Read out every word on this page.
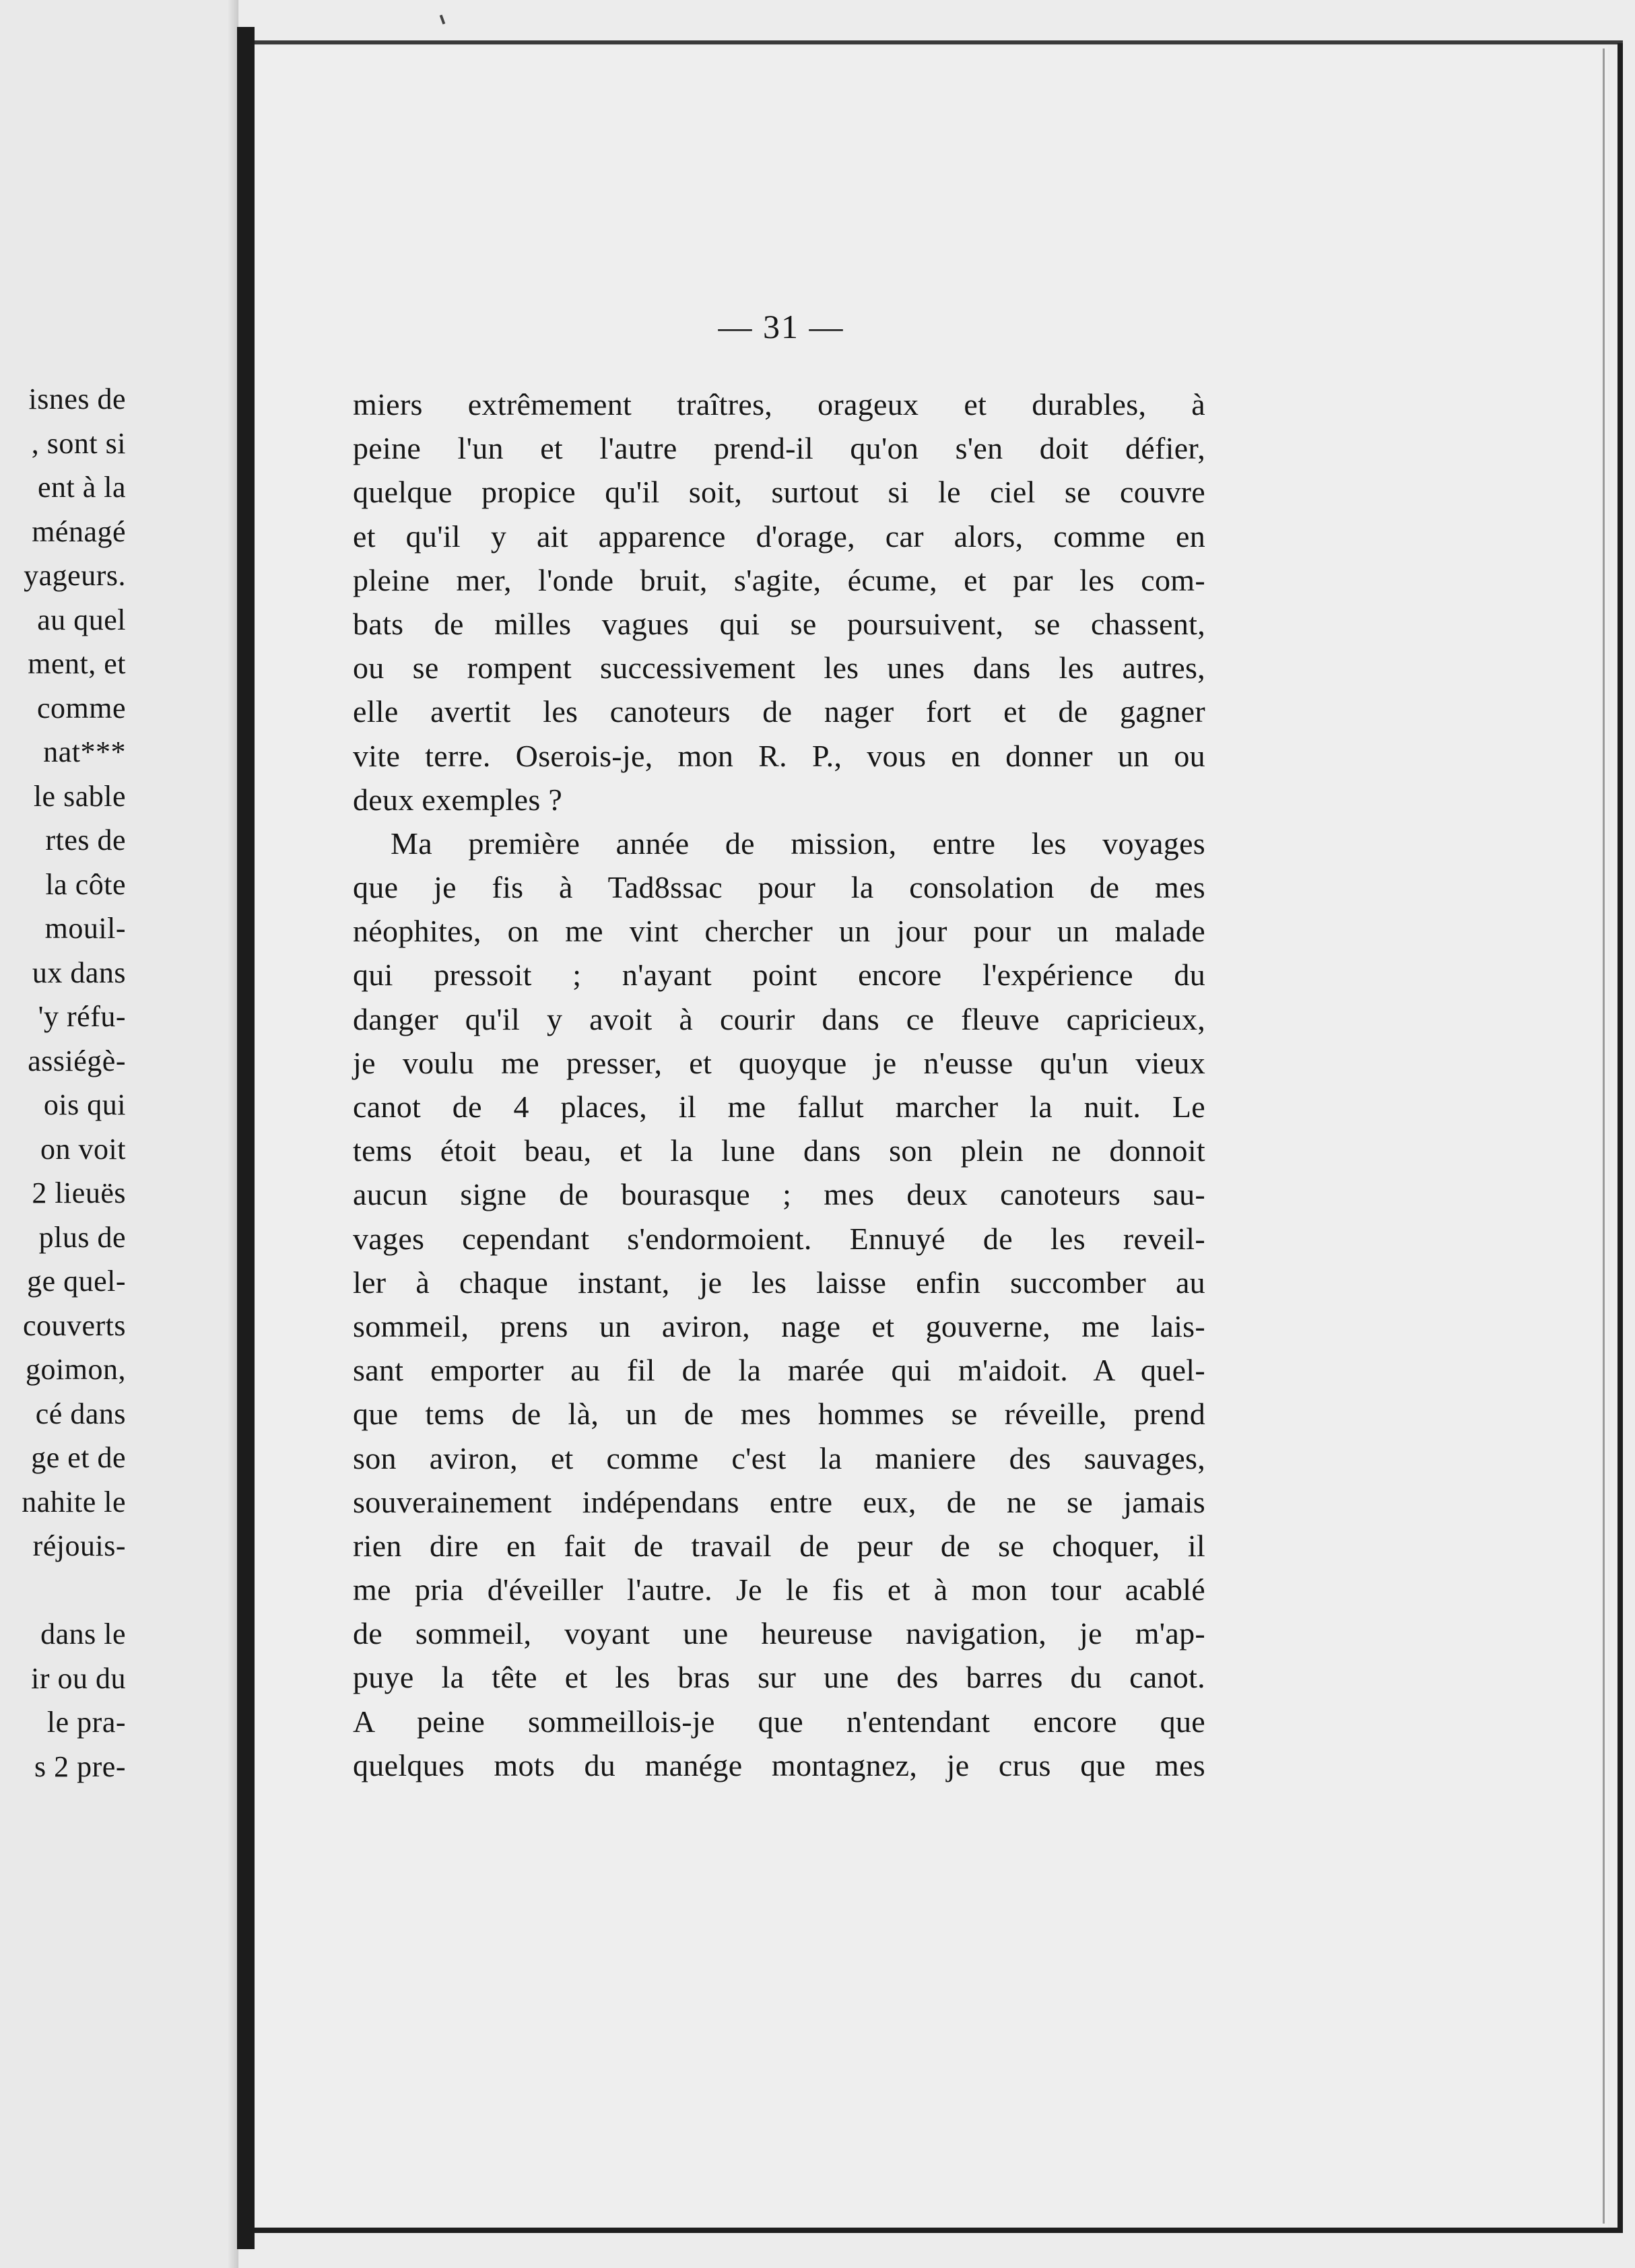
isnes de
, sont si
ent à la
ménagé
yageurs.
au quel
ment, et
comme
nat***
le sable
rtes de
la côte
mouil-
ux dans
'y réfu-
assiégè-
ois qui
on voit
2 lieuës
plus de
ge quel-
couverts
goimon,
cé dans
ge et de
nahite le
réjouis-
dans le
ir ou du
le pra-
s 2 pre-
— 31 —
miers extrêmement traîtres, orageux et durables, à
peine l'un et l'autre prend-il qu'on s'en doit défier,
quelque propice qu'il soit, surtout si le ciel se couvre
et qu'il y ait apparence d'orage, car alors, comme en
pleine mer, l'onde bruit, s'agite, écume, et par les com-
bats de milles vagues qui se poursuivent, se chassent,
ou se rompent successivement les unes dans les autres,
elle avertit les canoteurs de nager fort et de gagner
vite terre. Oserois-je, mon R. P., vous en donner un ou
deux exemples ?
Ma première année de mission, entre les voyages
que je fis à Tad8ssac pour la consolation de mes
néophites, on me vint chercher un jour pour un malade
qui pressoit ; n'ayant point encore l'expérience du
danger qu'il y avoit à courir dans ce fleuve capricieux,
je voulu me presser, et quoyque je n'eusse qu'un vieux
canot de 4 places, il me fallut marcher la nuit. Le
tems étoit beau, et la lune dans son plein ne donnoit
aucun signe de bourasque ; mes deux canoteurs sau-
vages cependant s'endormoient. Ennuyé de les reveil-
ler à chaque instant, je les laisse enfin succomber au
sommeil, prens un aviron, nage et gouverne, me lais-
sant emporter au fil de la marée qui m'aidoit. A quel-
que tems de là, un de mes hommes se réveille, prend
son aviron, et comme c'est la maniere des sauvages,
souverainement indépendans entre eux, de ne se jamais
rien dire en fait de travail de peur de se choquer, il
me pria d'éveiller l'autre. Je le fis et à mon tour acablé
de sommeil, voyant une heureuse navigation, je m'ap-
puye la tête et les bras sur une des barres du canot.
A peine sommeillois-je que n'entendant encore que
quelques mots du manége montagnez, je crus que mes
